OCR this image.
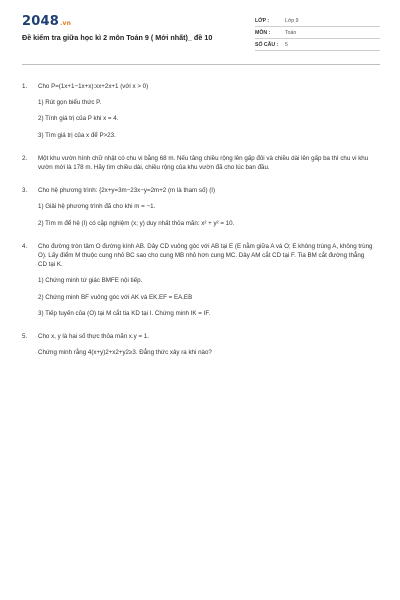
2048.vn
Đề kiểm tra giữa học kì 2 môn Toán 9 ( Mới nhất)_ đề 10
LỚP :	Lớp 9
MÔN :	Toán
SỐ CÂU :	5
1. Cho P=(1x+1−1x+x):xx+2x+1 (với x > 0)
1) Rút gọn biểu thức P.
2) Tính giá trị của P khi x = 4.
3) Tìm giá trị của x để P>23.
2. Một khu vườn hình chữ nhật có chu vi bằng 68 m. Nếu tăng chiều rộng lên gấp đôi và chiều dài lên gấp ba thì chu vi khu vườn mới là 178 m. Hãy tìm chiều dài, chiều rộng của khu vườn đã cho lúc ban đầu.
3. Cho hệ phương trình: {2x+y=3m−23x−y=2m+2 (m là tham số) (I)
1) Giải hệ phương trình đã cho khi m = −1.
2) Tìm m để hệ (I) có cặp nghiệm (x; y) duy nhất thỏa mãn: x² + y² = 10.
4. Cho đường tròn tâm O đường kính AB. Dây CD vuông góc với AB tại E (E nằm giữa A và O; E không trùng A, không trùng O). Lấy điểm M thuộc cung nhỏ BC sao cho cung MB nhỏ hơn cung MC. Dây AM cắt CD tại F. Tia BM cắt đường thẳng CD tại K.
1) Chứng minh tứ giác BMFE nội tiếp.
2) Chứng minh BF vuông góc với AK và EK.EF = EA.EB
3) Tiếp tuyến của (O) tại M cắt tia KD tại I. Chứng minh IK = IF.
5. Cho x, y là hai số thực thỏa mãn x.y = 1.
Chứng minh rằng 4(x+y)2+x2+y2≥3. Đẳng thức xảy ra khi nào?
